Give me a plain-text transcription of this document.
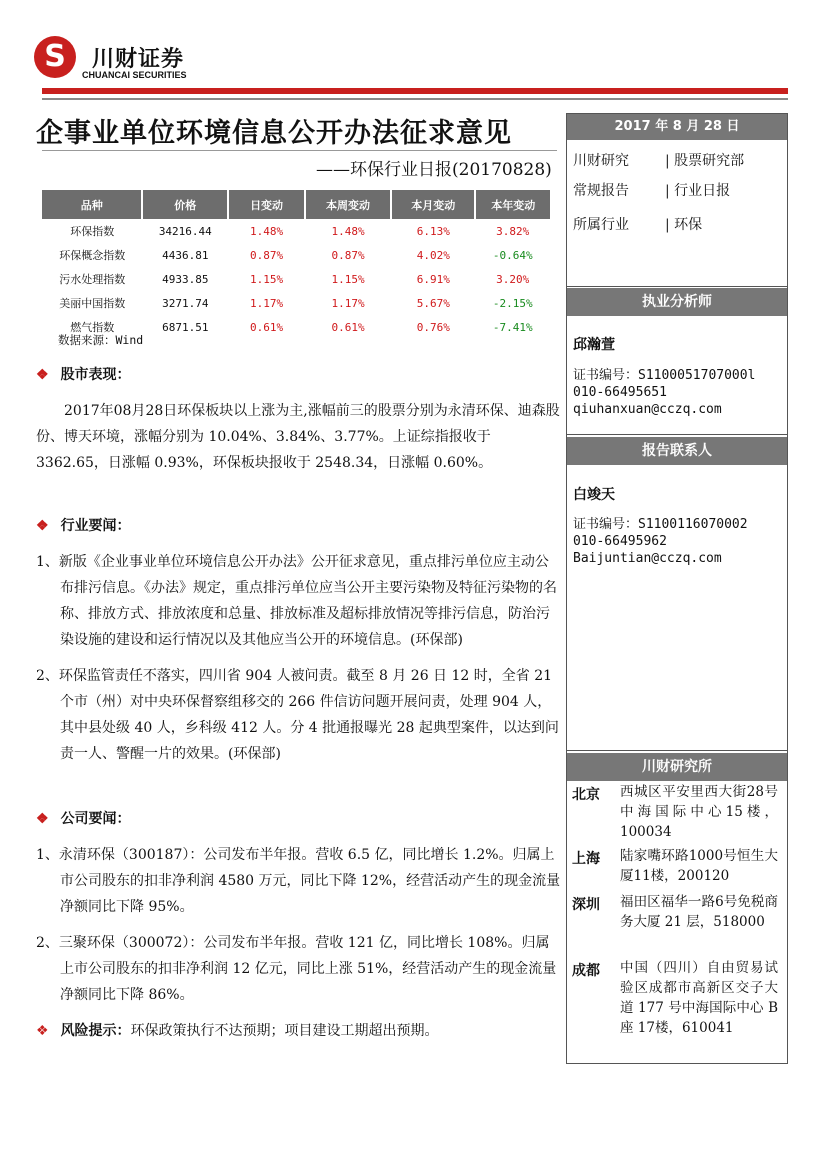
S	川财证券
CHUANCAI SECURITIES
企事业单位环境信息公开办法征求意见
——环保行业日报(20170828)
品种	价格	日变动	本周变动	本月变动	本年变动
环保指数	34216.44	1.48%	1.48%	6.13%	3.82%
环保概念指数	4436.81	0.87%	0.87%	4.02%	-0.64%
污水处理指数	4933.85	1.15%	1.15%	6.91%	3.20%
美丽中国指数	3271.74	1.17%	1.17%	5.67%	-2.15%
燃气指数	6871.51	0.61%	0.61%	0.76%	-7.41%
数据来源：Wind

❖ 股市表现：

2017年08月28日环保板块以上涨为主,涨幅前三的股票分别为永清环保、迪森股份、博天环境，涨幅分别为 10.04%、3.84%、3.77%。上证综指报收于 3362.65，日涨幅 0.93%，环保板块报收于 2548.34，日涨幅 0.60%。

❖ 行业要闻：

1、新版《企业事业单位环境信息公开办法》公开征求意见，重点排污单位应主动公布排污信息。《办法》规定，重点排污单位应当公开主要污染物及特征污染物的名称、排放方式、排放浓度和总量、排放标准及超标排放情况等排污信息，防治污染设施的建设和运行情况以及其他应当公开的环境信息。(环保部)

2、环保监管责任不落实，四川省 904 人被问责。截至 8 月 26 日 12 时，全省 21 个市（州）对中央环保督察组移交的 266 件信访问题开展问责，处理 904 人，其中县处级 40 人，乡科级 412 人。分 4 批通报曝光 28 起典型案件，以达到问责一人、警醒一片的效果。(环保部)

❖ 公司要闻：

1、永清环保（300187）：公司发布半年报。营收 6.5 亿，同比增长 1.2%。归属上市公司股东的扣非净利润 4580 万元，同比下降 12%，经营活动产生的现金流量净额同比下降 95%。

2、三聚环保（300072）：公司发布半年报。营收 121 亿，同比增长 108%。归属上市公司股东的扣非净利润 12 亿元，同比上涨 51%，经营活动产生的现金流量净额同比下降 86%。

❖ 风险提示：环保政策执行不达预期；项目建设工期超出预期。

2017 年 8 月 28 日
川财研究	| 股票研究部
常规报告	| 行业日报
所属行业	| 环保
执业分析师
邱瀚萱
证书编号：S1100051707000l
010-66495651
qiuhanxuan@cczq.com
报告联系人
白竣天
证书编号：S1100116070002
010-66495962
Baijuntian@cczq.com
川财研究所
北京 西城区平安里西大街28号中海国际中心15楼，100034
上海 陆家嘴环路1000号恒生大厦11楼，200120
深圳 福田区福华一路6号免税商务大厦 21 层，518000
成都 中国（四川）自由贸易试验区成都市高新区交子大道 177 号中海国际中心 B 座 17楼，610041
